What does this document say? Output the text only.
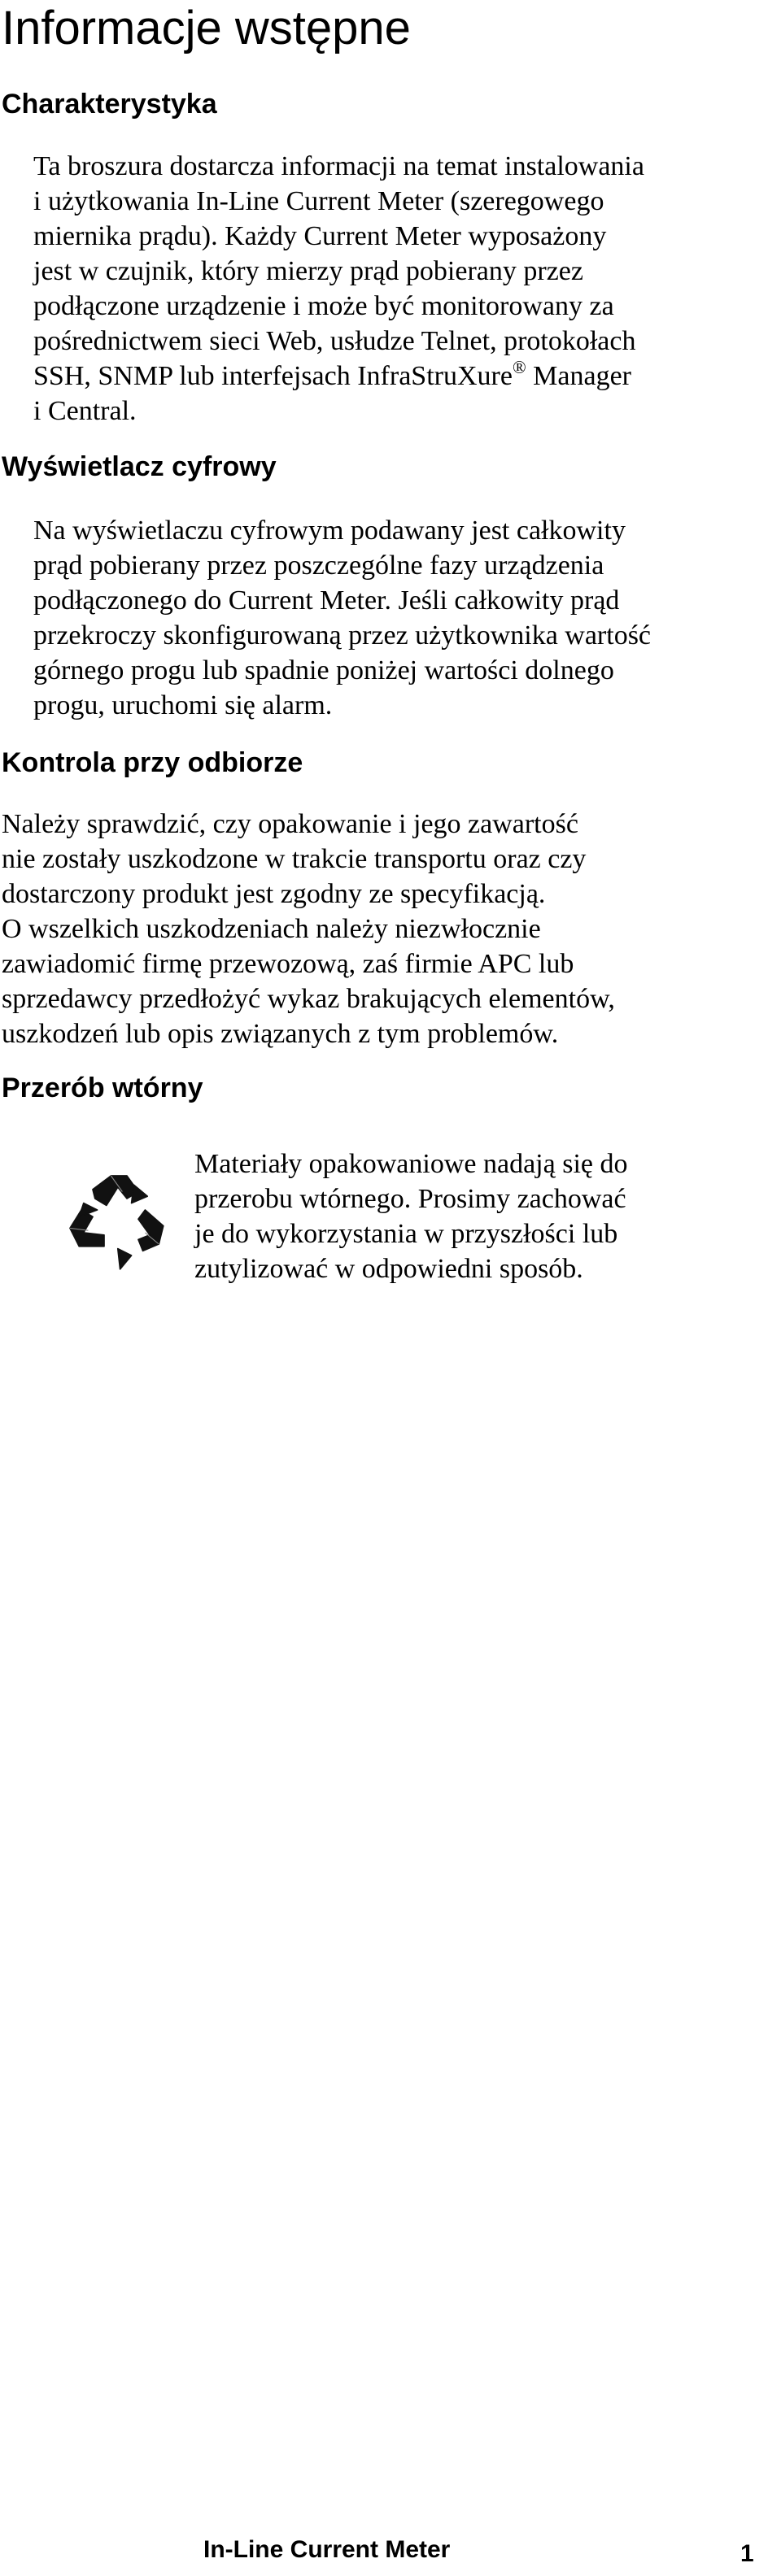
Informacje wstępne
Charakterystyka
Ta broszura dostarcza informacji na temat instalowania
i użytkowania In-Line Current Meter (szeregowego
miernika prądu). Każdy Current Meter wyposażony
jest w czujnik, który mierzy prąd pobierany przez
podłączone urządzenie i może być monitorowany za
pośrednictwem sieci Web, usłudze Telnet, protokołach
SSH, SNMP lub interfejsach InfraStruXure® Manager
i Central.
Wyświetlacz cyfrowy
Na wyświetlaczu cyfrowym podawany jest całkowity
prąd pobierany przez poszczególne fazy urządzenia
podłączonego do Current Meter. Jeśli całkowity prąd
przekroczy skonfigurowaną przez użytkownika wartość
górnego progu lub spadnie poniżej wartości dolnego
progu, uruchomi się alarm.
Kontrola przy odbiorze
Należy sprawdzić, czy opakowanie i jego zawartość
nie zostały uszkodzone w trakcie transportu oraz czy
dostarczony produkt jest zgodny ze specyfikacją.
O wszelkich uszkodzeniach należy niezwłocznie
zawiadomić firmę przewozową, zaś firmie APC lub
sprzedawcy przedłożyć wykaz brakujących elementów,
uszkodzeń lub opis związanych z tym problemów.
Przerób wtórny
Materiały opakowaniowe nadają się do
przerobu wtórnego. Prosimy zachować
je do wykorzystania w przyszłości lub
zutylizować w odpowiedni sposób.
In-Line Current Meter	1
